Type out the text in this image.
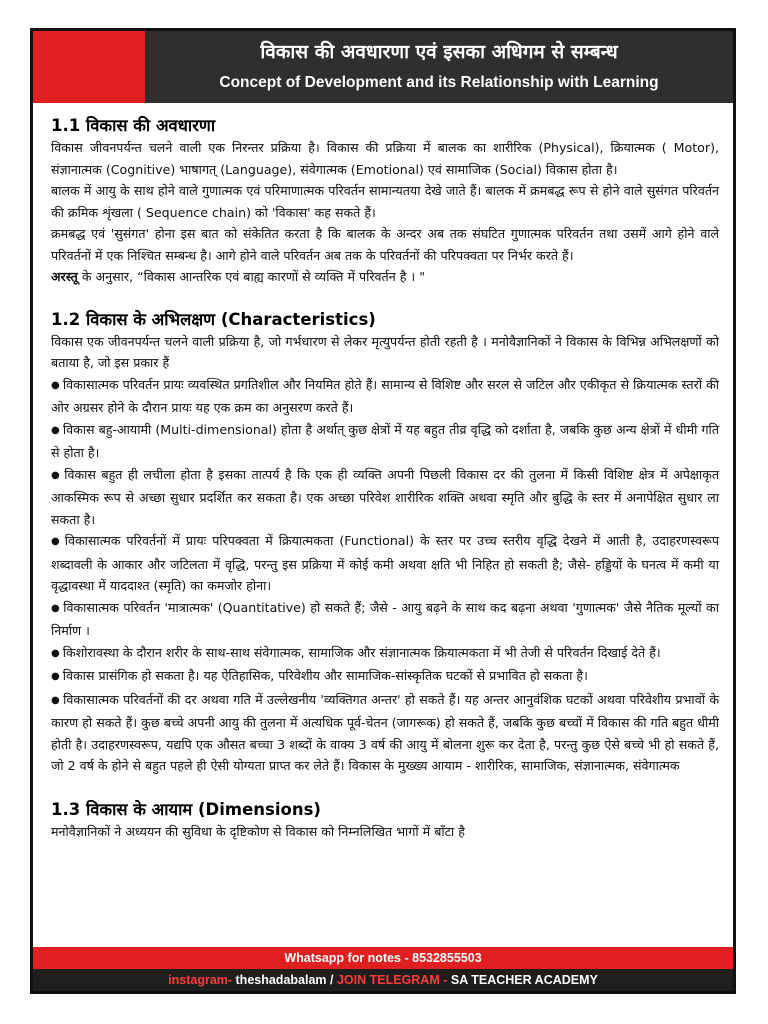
विकास की अवधारणा एवं इसका अधिगम से सम्बन्ध
Concept of Development and its Relationship with Learning
1.1 विकास की अवधारणा

विकास जीवनपर्यन्त चलने वाली एक निरन्तर प्रक्रिया है। विकास की प्रक्रिया में बालक का शारीरिक (Physical), क्रियात्मक ( Motor), संज्ञानात्मक (Cognitive) भाषागत् (Language), संवेगात्मक (Emotional) एवं सामाजिक (Social) विकास होता है।

बालक में आयु के साथ होने वाले गुणात्मक एवं परिमाणात्मक परिवर्तन सामान्यतया देखे जाते हैं। बालक में क्रमबद्ध रूप से होने वाले सुसंगत परिवर्तन की क्रमिक शृंखला ( Sequence chain) को 'विकास' कह सकते हैं।

क्रमबद्ध एवं 'सुसंगत' होना इस बात को संकेतित करता है कि बालक के अन्दर अब तक संघटित गुणात्मक परिवर्तन तथा उसमें आगे होने वाले परिवर्तनों में एक निश्चित सम्बन्ध है। आगे होने वाले परिवर्तन अब तक के परिवर्तनों की परिपक्वता पर निर्भर करते हैं।

अरस्तू के अनुसार, “विकास आन्तरिक एवं बाह्य कारणों से व्यक्ति में परिवर्तन है । "

1.2 विकास के अभिलक्षण (Characteristics)

विकास एक जीवनपर्यन्त चलने वाली प्रक्रिया है, जो गर्भधारण से लेकर मृत्युपर्यन्त होती रहती है । मनोवैज्ञानिकों ने विकास के विभिन्न अभिलक्षणों को बताया है, जो इस प्रकार हैं

● विकासात्मक परिवर्तन प्रायः व्यवस्थित प्रगतिशील और नियमित होते हैं। सामान्य से विशिष्ट और सरल से जटिल और एकीकृत से क्रियात्मक स्तरों की ओर अग्रसर होने के दौरान प्रायः यह एक क्रम का अनुसरण करते हैं।

● विकास बहु-आयामी (Multi-dimensional) होता है अर्थात् कुछ क्षेत्रों में यह बहुत तीव्र वृद्धि को दर्शाता है, जबकि कुछ अन्य क्षेत्रों में धीमी गति से होता है।

● विकास बहुत ही लचीला होता है इसका तात्पर्य है कि एक ही व्यक्ति अपनी पिछली विकास दर की तुलना में किसी विशिष्ट क्षेत्र में अपेक्षाकृत आकस्मिक रूप से अच्छा सुधार प्रदर्शित कर सकता है। एक अच्छा परिवेश शारीरिक शक्ति अथवा स्मृति और बुद्धि के स्तर में अनापेक्षित सुधार ला सकता है।

● विकासात्मक परिवर्तनों में प्रायः परिपक्वता में क्रियात्मकता (Functional) के स्तर पर उच्च स्तरीय वृद्धि देखने में आती है, उदाहरणस्वरूप शब्दावली के आकार और जटिलता में वृद्धि, परन्तु इस प्रक्रिया में कोई कमी अथवा क्षति भी निहित हो सकती है; जैसे- हड्डियों के घनत्व में कमी या वृद्धावस्था में याददाश्त (स्मृति) का कमजोर होना।

● विकासात्मक परिवर्तन 'मात्रात्मक' (Quantitative) हो सकते हैं; जैसे - आयु बढ़ने के साथ कद बढ़ना अथवा 'गुणात्मक' जैसे नैतिक मूल्यों का निर्माण ।

● किशोरावस्था के दौरान शरीर के साथ-साथ संवेगात्मक, सामाजिक और संज्ञानात्मक क्रियात्मकता में भी तेजी से परिवर्तन दिखाई देते हैं।

● विकास प्रासंगिक हो सकता है। यह ऐतिहासिक, परिवेशीय और सामाजिक-सांस्कृतिक घटकों से प्रभावित हो सकता है।

● विकासात्मक परिवर्तनों की दर अथवा गति में उल्लेखनीय 'व्यक्तिगत अन्तर' हो सकते हैं। यह अन्तर आनुवंशिक घटकों अथवा परिवेशीय प्रभावों के कारण हो सकते हैं। कुछ बच्चे अपनी आयु की तुलना में अत्यधिक पूर्व-चेतन (जागरूक) हो सकते हैं, जबकि कुछ बच्चों में विकास की गति बहुत धीमी होती है। उदाहरणस्वरूप, यद्यपि एक औसत बच्चा 3 शब्दों के वाक्य 3 वर्ष की आयु में बोलना शुरू कर देता है, परन्तु कुछ ऐसे बच्चे भी हो सकते हैं, जो 2 वर्ष के होने से बहुत पहले ही ऐसी योग्यता प्राप्त कर लेते हैं। विकास के मुख्ख्य आयाम - शारीरिक, सामाजिक, संज्ञानात्मक, संवेगात्मक

1.3 विकास के आयाम (Dimensions)

मनोवैज्ञानिकों ने अध्ययन की सुविधा के दृष्टिकोण से विकास को निम्नलिखित भागों में बाँटा है

Whatsapp for notes - 8532855503
instagram- theshadabalam / JOIN TELEGRAM - SA TEACHER ACADEMY
